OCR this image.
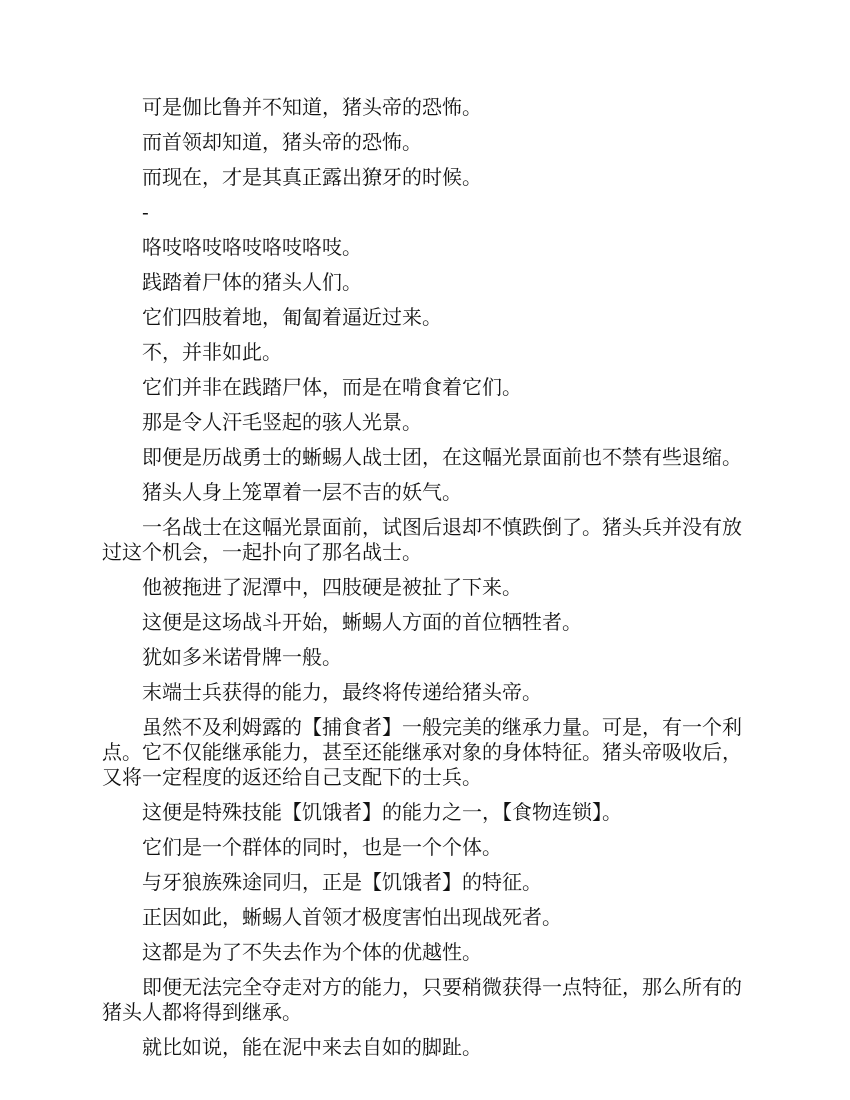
可是伽比鲁并不知道，猪头帝的恐怖。

而首领却知道，猪头帝的恐怖。

而现在，才是其真正露出獠牙的时候。

-

咯吱咯吱咯吱咯吱咯吱。

践踏着尸体的猪头人们。

它们四肢着地，匍匐着逼近过来。

不，并非如此。

它们并非在践踏尸体，而是在啃食着它们。

那是令人汗毛竖起的骇人光景。

即便是历战勇士的蜥蜴人战士团，在这幅光景面前也不禁有些退缩。

猪头人身上笼罩着一层不吉的妖气。

一名战士在这幅光景面前，试图后退却不慎跌倒了。猪头兵并没有放过这个机会，一起扑向了那名战士。

他被拖进了泥潭中，四肢硬是被扯了下来。

这便是这场战斗开始，蜥蜴人方面的首位牺牲者。

犹如多米诺骨牌一般。

末端士兵获得的能力，最终将传递给猪头帝。

虽然不及利姆露的【捕食者】一般完美的继承力量。可是，有一个利点。它不仅能继承能力，甚至还能继承对象的身体特征。猪头帝吸收后，又将一定程度的返还给自己支配下的士兵。

这便是特殊技能【饥饿者】的能力之一，【食物连锁】。

它们是一个群体的同时，也是一个个体。

与牙狼族殊途同归，正是【饥饿者】的特征。

正因如此，蜥蜴人首领才极度害怕出现战死者。

这都是为了不失去作为个体的优越性。

即便无法完全夺走对方的能力，只要稍微获得一点特征，那么所有的猪头人都将得到继承。

就比如说，能在泥中来去自如的脚趾。
